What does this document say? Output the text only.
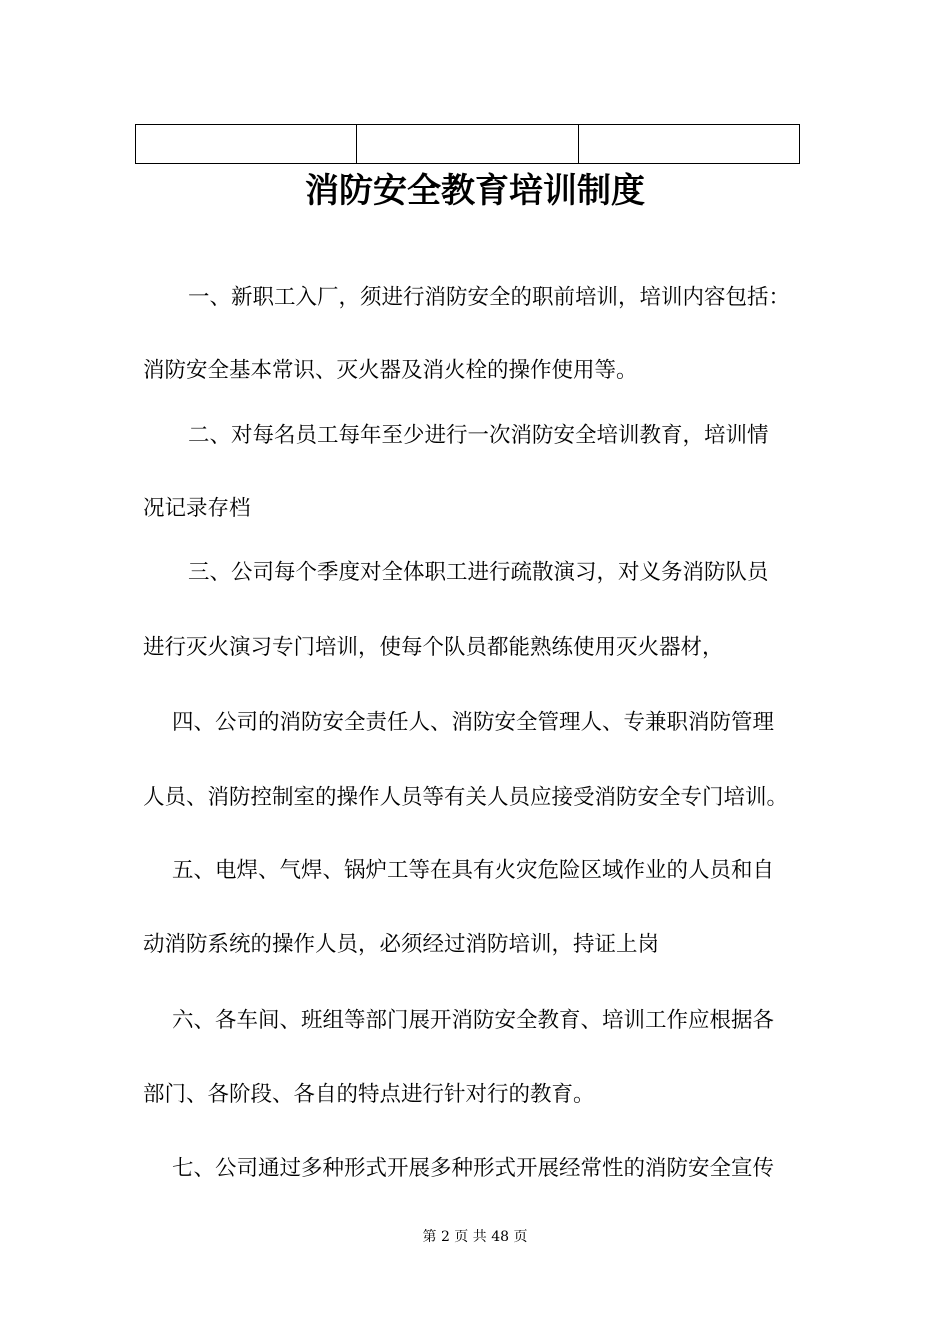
消防安全教育培训制度

一、新职工入厂，须进行消防安全的职前培训，培训内容包括：

消防安全基本常识、灭火器及消火栓的操作使用等。

二、对每名员工每年至少进行一次消防安全培训教育，培训情

况记录存档

三、公司每个季度对全体职工进行疏散演习，对义务消防队员

进行灭火演习专门培训，使每个队员都能熟练使用灭火器材，

四、公司的消防安全责任人、消防安全管理人、专兼职消防管理

人员、消防控制室的操作人员等有关人员应接受消防安全专门培训。

五、电焊、气焊、锅炉工等在具有火灾危险区域作业的人员和自

动消防系统的操作人员，必须经过消防培训，持证上岗

六、各车间、班组等部门展开消防安全教育、培训工作应根据各

部门、各阶段、各自的特点进行针对行的教育。

七、公司通过多种形式开展多种形式开展经常性的消防安全宣传

第 2 页 共 48 页
